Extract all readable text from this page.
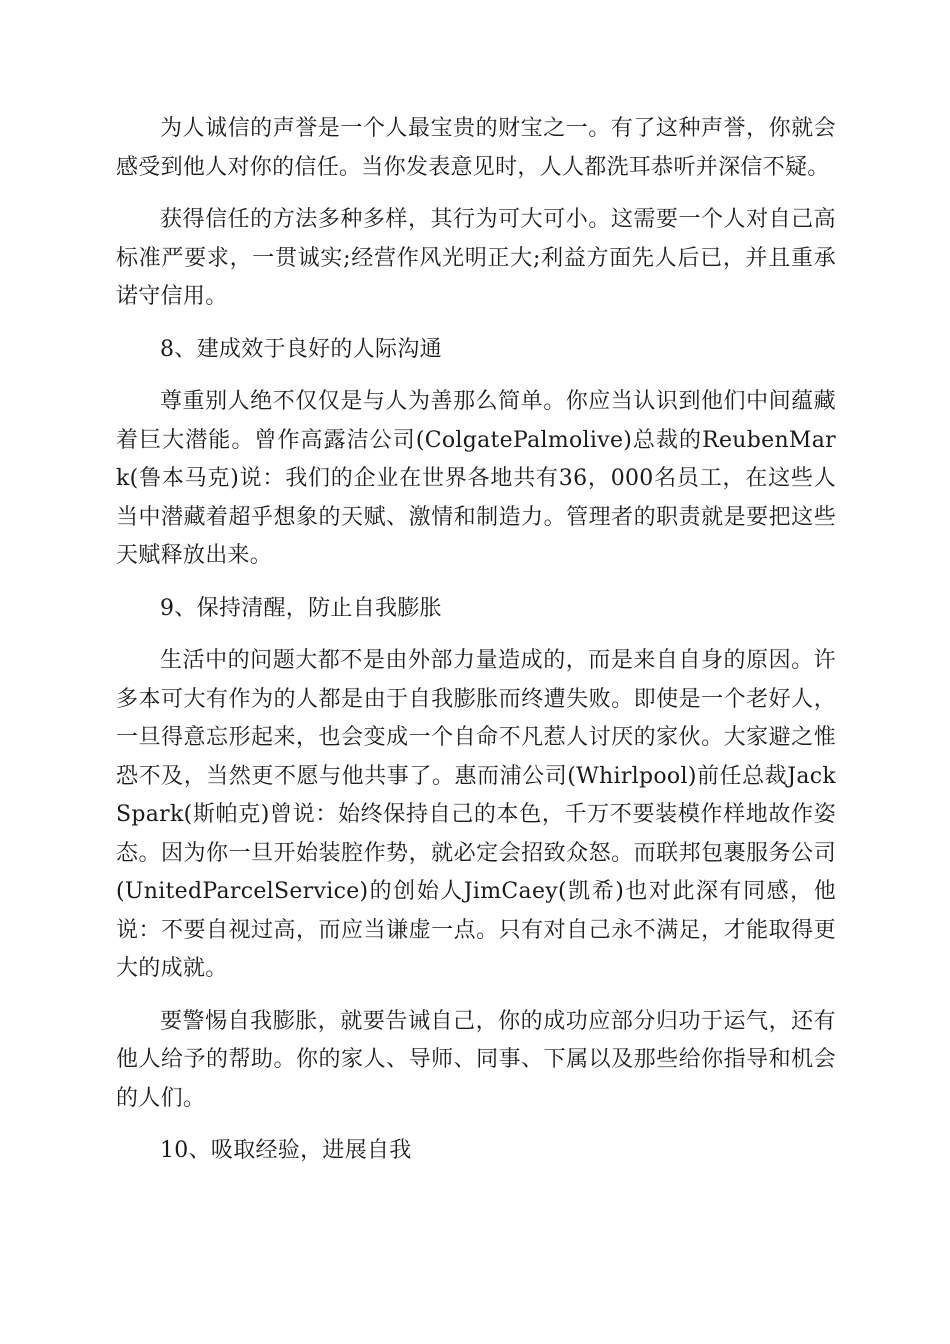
为人诚信的声誉是一个人最宝贵的财宝之一。有了这种声誉，你就会感受到他人对你的信任。当你发表意见时，人人都洗耳恭听并深信不疑。

获得信任的方法多种多样，其行为可大可小。这需要一个人对自己高标准严要求，一贯诚实;经营作风光明正大;利益方面先人后已，并且重承诺守信用。

8、建成效于良好的人际沟通

尊重别人绝不仅仅是与人为善那么简单。你应当认识到他们中间蕴藏着巨大潜能。曾作高露洁公司(ColgatePalmolive)总裁的ReubenMark(鲁本马克)说：我们的企业在世界各地共有36，000名员工，在这些人当中潜藏着超乎想象的天赋、激情和制造力。管理者的职责就是要把这些天赋释放出来。

9、保持清醒，防止自我膨胀

生活中的问题大都不是由外部力量造成的，而是来自自身的原因。许多本可大有作为的人都是由于自我膨胀而终遭失败。即使是一个老好人，一旦得意忘形起来，也会变成一个自命不凡惹人讨厌的家伙。大家避之惟恐不及，当然更不愿与他共事了。惠而浦公司(Whirlpool)前任总裁JackSpark(斯帕克)曾说：始终保持自己的本色，千万不要装模作样地故作姿态。因为你一旦开始装腔作势，就必定会招致众怒。而联邦包裹服务公司(UnitedParcelService)的创始人JimCaey(凯希)也对此深有同感，他说：不要自视过高，而应当谦虚一点。只有对自己永不满足，才能取得更大的成就。

要警惕自我膨胀，就要告诫自己，你的成功应部分归功于运气，还有他人给予的帮助。你的家人、导师、同事、下属以及那些给你指导和机会的人们。

10、吸取经验，进展自我
